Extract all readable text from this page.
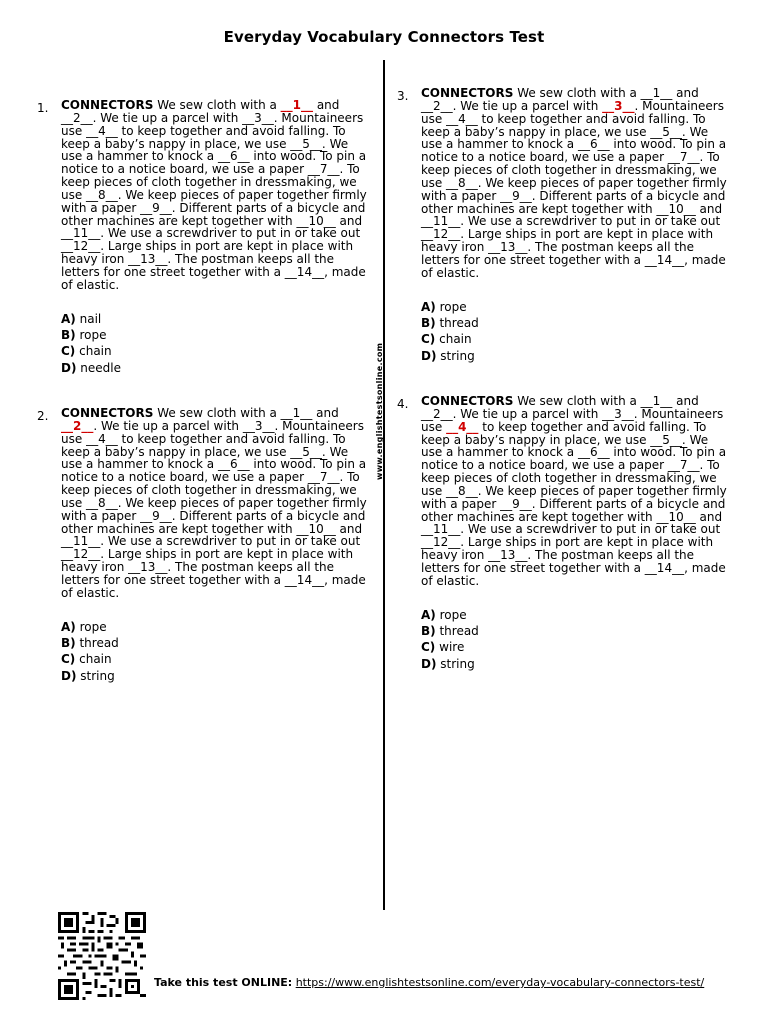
Everyday Vocabulary Connectors Test
www.englishtestsonline.com
1. CONNECTORS We sew cloth with a __1__ and __2__. We tie up a parcel with __3__. Mountaineers use __4__ to keep together and avoid falling. To keep a baby’s nappy in place, we use __5__. We use a hammer to knock a __6__ into wood. To pin a notice to a notice board, we use a paper __7__. To keep pieces of cloth together in dressmaking, we use __8__. We keep pieces of paper together firmly with a paper __9__. Different parts of a bicycle and other machines are kept together with __10__ and __11__. We use a screwdriver to put in or take out __12__. Large ships in port are kept in place with heavy iron __13__. The postman keeps all the letters for one street together with a __14__, made of elastic.

A) nail
B) rope
C) chain
D) needle
2. CONNECTORS We sew cloth with a __1__ and __2__. We tie up a parcel with __3__. Mountaineers use __4__ to keep together and avoid falling. To keep a baby’s nappy in place, we use __5__. We use a hammer to knock a __6__ into wood. To pin a notice to a notice board, we use a paper __7__. To keep pieces of cloth together in dressmaking, we use __8__. We keep pieces of paper together firmly with a paper __9__. Different parts of a bicycle and other machines are kept together with __10__ and __11__. We use a screwdriver to put in or take out __12__. Large ships in port are kept in place with heavy iron __13__. The postman keeps all the letters for one street together with a __14__, made of elastic.

A) rope
B) thread
C) chain
D) string
3. CONNECTORS We sew cloth with a __1__ and __2__. We tie up a parcel with __3__. Mountaineers use __4__ to keep together and avoid falling. To keep a baby’s nappy in place, we use __5__. We use a hammer to knock a __6__ into wood. To pin a notice to a notice board, we use a paper __7__. To keep pieces of cloth together in dressmaking, we use __8__. We keep pieces of paper together firmly with a paper __9__. Different parts of a bicycle and other machines are kept together with __10__ and __11__. We use a screwdriver to put in or take out __12__. Large ships in port are kept in place with heavy iron __13__. The postman keeps all the letters for one street together with a __14__, made of elastic.

A) rope
B) thread
C) chain
D) string
4. CONNECTORS We sew cloth with a __1__ and __2__. We tie up a parcel with __3__. Mountaineers use __4__ to keep together and avoid falling. To keep a baby’s nappy in place, we use __5__. We use a hammer to knock a __6__ into wood. To pin a notice to a notice board, we use a paper __7__. To keep pieces of cloth together in dressmaking, we use __8__. We keep pieces of paper together firmly with a paper __9__. Different parts of a bicycle and other machines are kept together with __10__ and __11__. We use a screwdriver to put in or take out __12__. Large ships in port are kept in place with heavy iron __13__. The postman keeps all the letters for one street together with a __14__, made of elastic.

A) rope
B) thread
C) wire
D) string
Take this test ONLINE: https://www.englishtestsonline.com/everyday-vocabulary-connectors-test/
